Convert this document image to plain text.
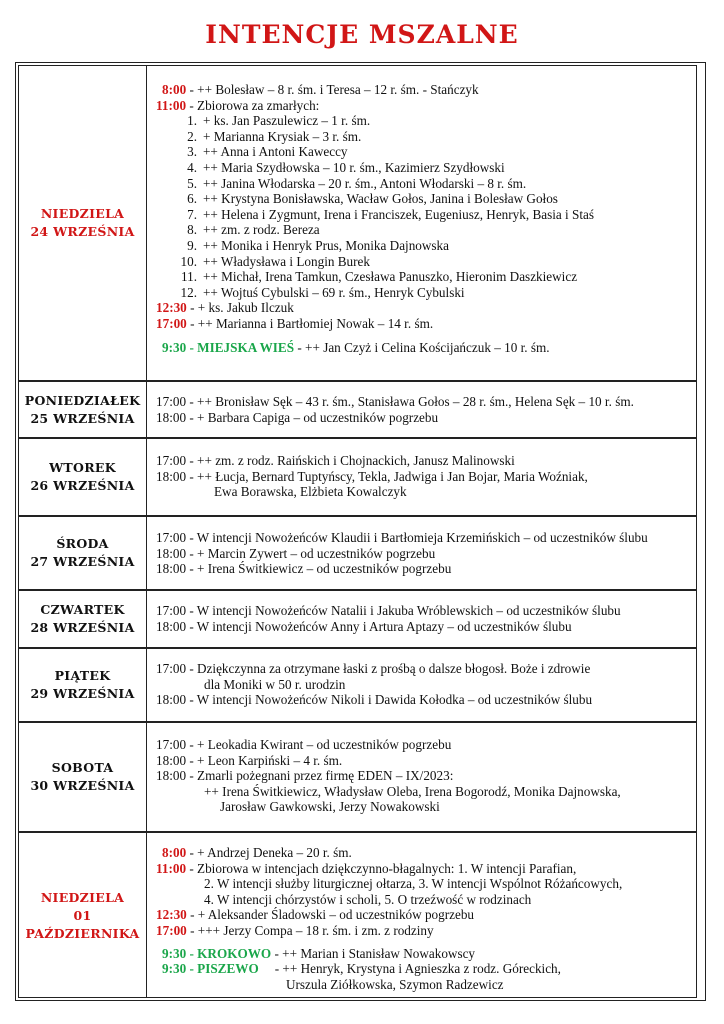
INTENCJE MSZALNE
NIEDZIELA
24 WRZEŚNIA
8:00 - ++ Bolesław – 8 r. śm. i Teresa – 12 r. śm. - Stańczyk
11:00 - Zbiorowa za zmarłych:
1. + ks. Jan Paszulewicz – 1 r. śm.
2. + Marianna Krysiak – 3 r. śm.
3. ++ Anna i Antoni Kaweccy
4. ++ Maria Szydłowska – 10 r. śm., Kazimierz Szydłowski
5. ++ Janina Włodarska – 20 r. śm., Antoni Włodarski – 8 r. śm.
6. ++ Krystyna Bonisławska, Wacław Gołos, Janina i Bolesław Gołos
7. ++ Helena i Zygmunt, Irena i Franciszek, Eugeniusz, Henryk, Basia i Staś
8. ++ zm. z rodz. Bereza
9. ++ Monika i Henryk Prus, Monika Dajnowska
10. ++ Władysława i Longin Burek
11. ++ Michał, Irena Tamkun, Czesława Panuszko, Hieronim Daszkiewicz
12. ++ Wojtuś Cybulski – 69 r. śm., Henryk Cybulski
12:30 - + ks. Jakub Ilczuk
17:00 - ++ Marianna i Bartłomiej Nowak – 14 r. śm.
9:30 - MIEJSKA WIEŚ - ++ Jan Czyż i Celina Kościjańczuk – 10 r. śm.
PONIEDZIAŁEK
25 WRZEŚNIA
17:00 - ++ Bronisław Sęk – 43 r. śm., Stanisława Gołos – 28 r. śm., Helena Sęk – 10 r. śm.
18:00 - + Barbara Capiga – od uczestników pogrzebu
WTOREK
26 WRZEŚNIA
17:00 - ++ zm. z rodz. Raińskich i Chojnackich, Janusz Malinowski
18:00 - ++ Łucja, Bernard Tuptyńscy, Tekla, Jadwiga i Jan Bojar, Maria Woźniak,
Ewa Borawska, Elżbieta Kowalczyk
ŚRODA
27 WRZEŚNIA
17:00 - W intencji Nowożeńców Klaudii i Bartłomieja Krzemińskich – od uczestników ślubu
18:00 - + Marcin Zywert – od uczestników pogrzebu
18:00 - + Irena Świtkiewicz – od uczestników pogrzebu
CZWARTEK
28 WRZEŚNIA
17:00 - W intencji Nowożeńców Natalii i Jakuba Wróblewskich – od uczestników ślubu
18:00 - W intencji Nowożeńców Anny i Artura Aptazy – od uczestników ślubu
PIĄTEK
29 WRZEŚNIA
17:00 - Dziękczynna za otrzymane łaski z prośbą o dalsze błogosł. Boże i zdrowie
dla Moniki w 50 r. urodzin
18:00 - W intencji Nowożeńców Nikoli i Dawida Kołodka – od uczestników ślubu
SOBOTA
30 WRZEŚNIA
17:00 - + Leokadia Kwirant – od uczestników pogrzebu
18:00 - + Leon Karpiński – 4 r. śm.
18:00 - Zmarli pożegnani przez firmę EDEN – IX/2023:
++ Irena Świtkiewicz, Władysław Oleba, Irena Bogorodź, Monika Dajnowska,
Jarosław Gawkowski, Jerzy Nowakowski
NIEDZIELA
01 PAŹDZIERNIKA
8:00 - + Andrzej Deneka – 20 r. śm.
11:00 - Zbiorowa w intencjach dziękczynno-błagalnych: 1. W intencji Parafian,
2. W intencji służby liturgicznej ołtarza, 3. W intencji Wspólnot Różańcowych,
4. W intencji chórzystów i scholi, 5. O trzeźwość w rodzinach
12:30 - + Aleksander Śladowski – od uczestników pogrzebu
17:00 - +++ Jerzy Compa – 18 r. śm. i zm. z rodziny
9:30 - KROKOWO - ++ Marian i Stanisław Nowakowscy
9:30 - PISZEWO - ++ Henryk, Krystyna i Agnieszka z rodz. Góreckich,
Urszula Ziółkowska, Szymon Radzewicz
